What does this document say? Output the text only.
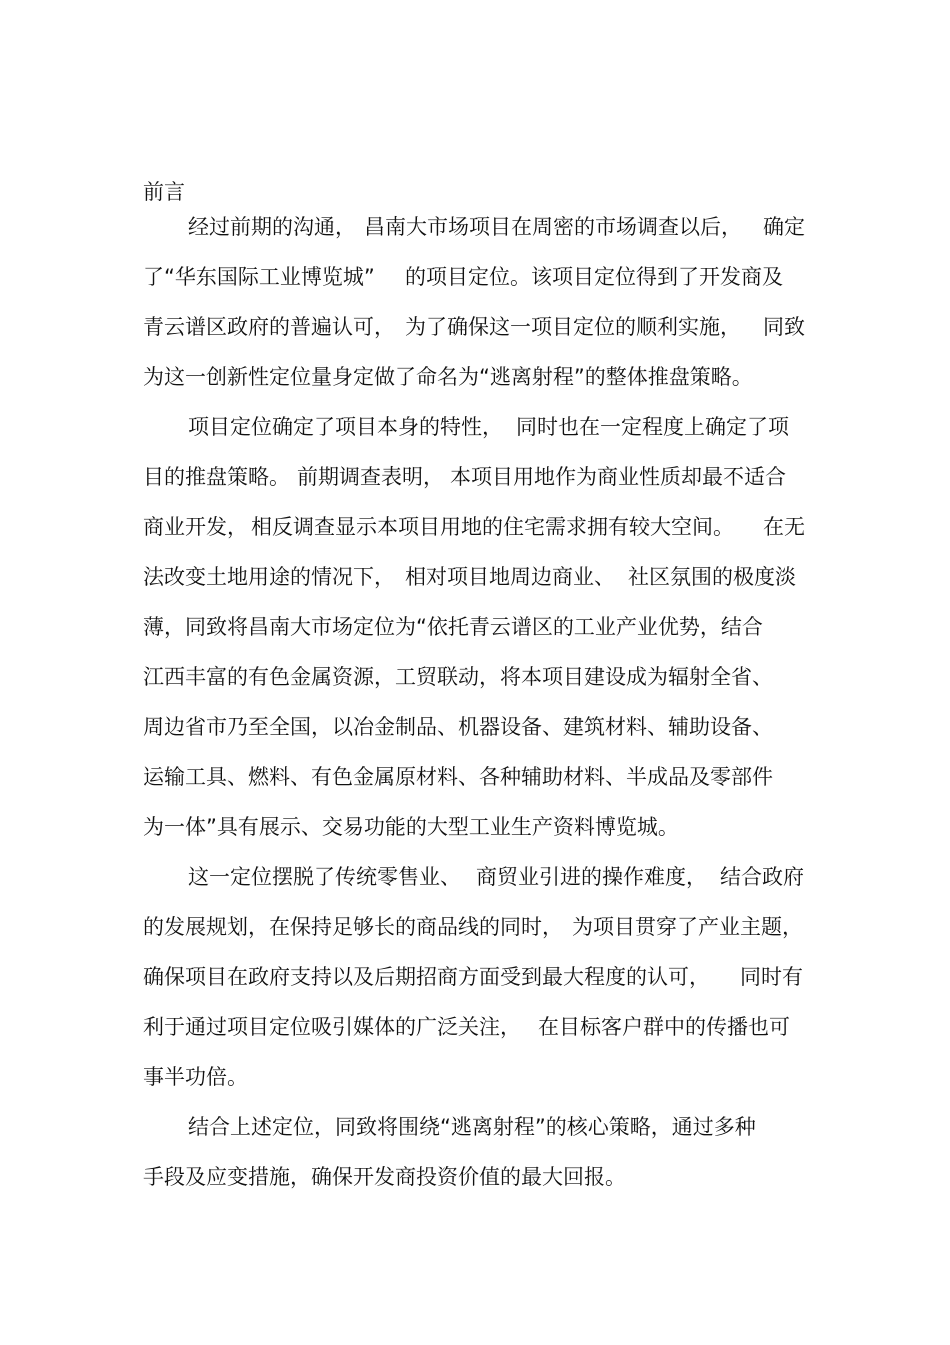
前言
经过前期的沟通， 昌南大市场项目在周密的市场调查以后， 确定
了“华东国际工业博览城” 的项目定位。该项目定位得到了开发商及
青云谱区政府的普遍认可， 为了确保这一项目定位的顺利实施， 同致
为这一创新性定位量身定做了命名为“逃离射程”的整体推盘策略。
项目定位确定了项目本身的特性， 同时也在一定程度上确定了项
目的推盘策略。 前期调查表明， 本项目用地作为商业性质却最不适合
商业开发， 相反调查显示本项目用地的住宅需求拥有较大空间。 在无
法改变土地用途的情况下， 相对项目地周边商业、 社区氛围的极度淡
薄，同致将昌南大市场定位为“依托青云谱区的工业产业优势，结合
江西丰富的有色金属资源，工贸联动，将本项目建设成为辐射全省、
周边省市乃至全国，以冶金制品、机器设备、建筑材料、辅助设备、
运输工具、燃料、有色金属原材料、各种辅助材料、半成品及零部件
为一体”具有展示、交易功能的大型工业生产资料博览城。
这一定位摆脱了传统零售业、 商贸业引进的操作难度， 结合政府
的发展规划，在保持足够长的商品线的同时， 为项目贯穿了产业主题，
确保项目在政府支持以及后期招商方面受到最大程度的认可， 同时有
利于通过项目定位吸引媒体的广泛关注， 在目标客户群中的传播也可
事半功倍。
结合上述定位，同致将围绕“逃离射程”的核心策略，通过多种
手段及应变措施，确保开发商投资价值的最大回报。
